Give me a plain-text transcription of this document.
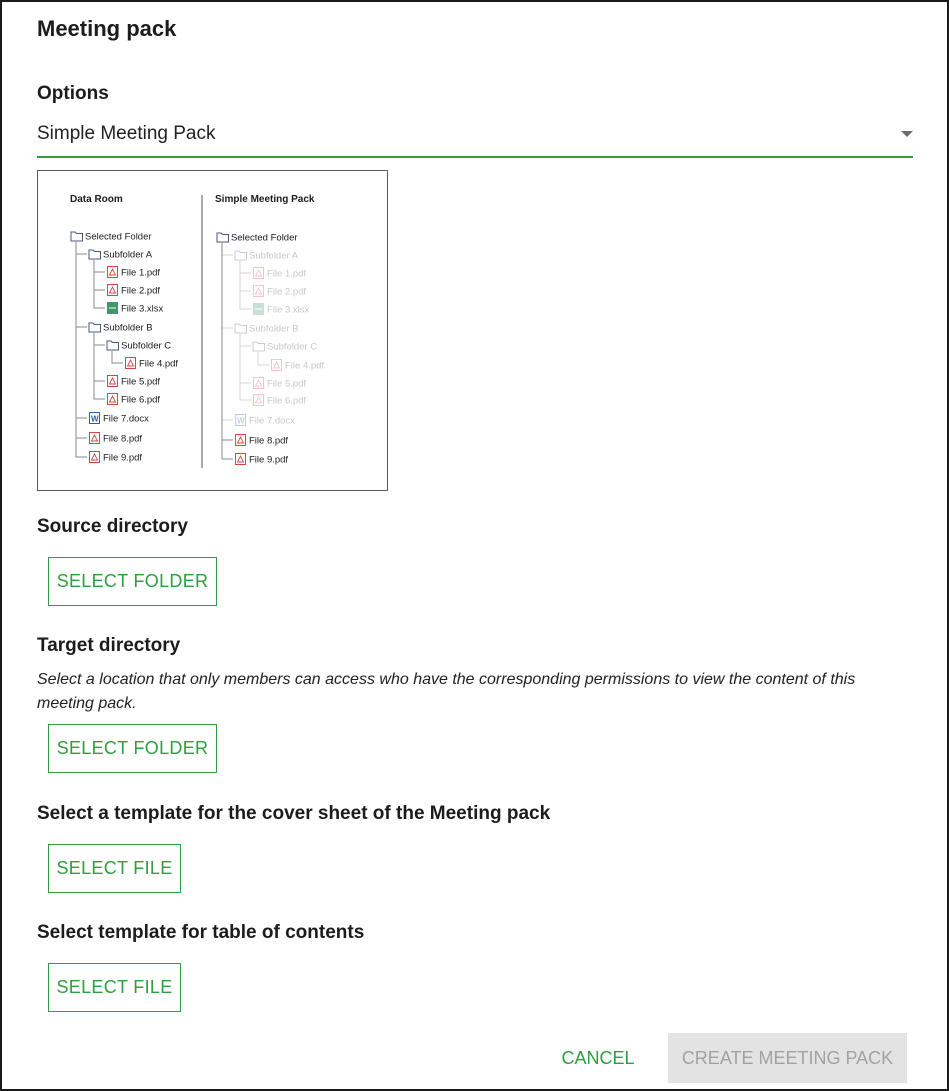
Meeting pack
Options
Simple Meeting Pack
Data Room	Simple Meeting Pack
Selected Folder
Subfolder A
File 1.pdf
File 2.pdf
File 3.xlsx
Subfolder B
Subfolder C
File 4.pdf
File 5.pdf
File 6.pdf
W File 7.docx
File 8.pdf
File 9.pdf
Selected Folder
Subfolder A
File 1.pdf
File 2.pdf
File 3.xlsx
Subfolder B
Subfolder C
File 4.pdf
File 5.pdf
File 6.pdf
W File 7.docx
File 8.pdf
File 9.pdf
Source directory
SELECT FOLDER
Target directory
Select a location that only members can access who have the corresponding permissions to view the content of this meeting pack.
SELECT FOLDER
Select a template for the cover sheet of the Meeting pack
SELECT FILE
Select template for table of contents
SELECT FILE
CANCEL	CREATE MEETING PACK
